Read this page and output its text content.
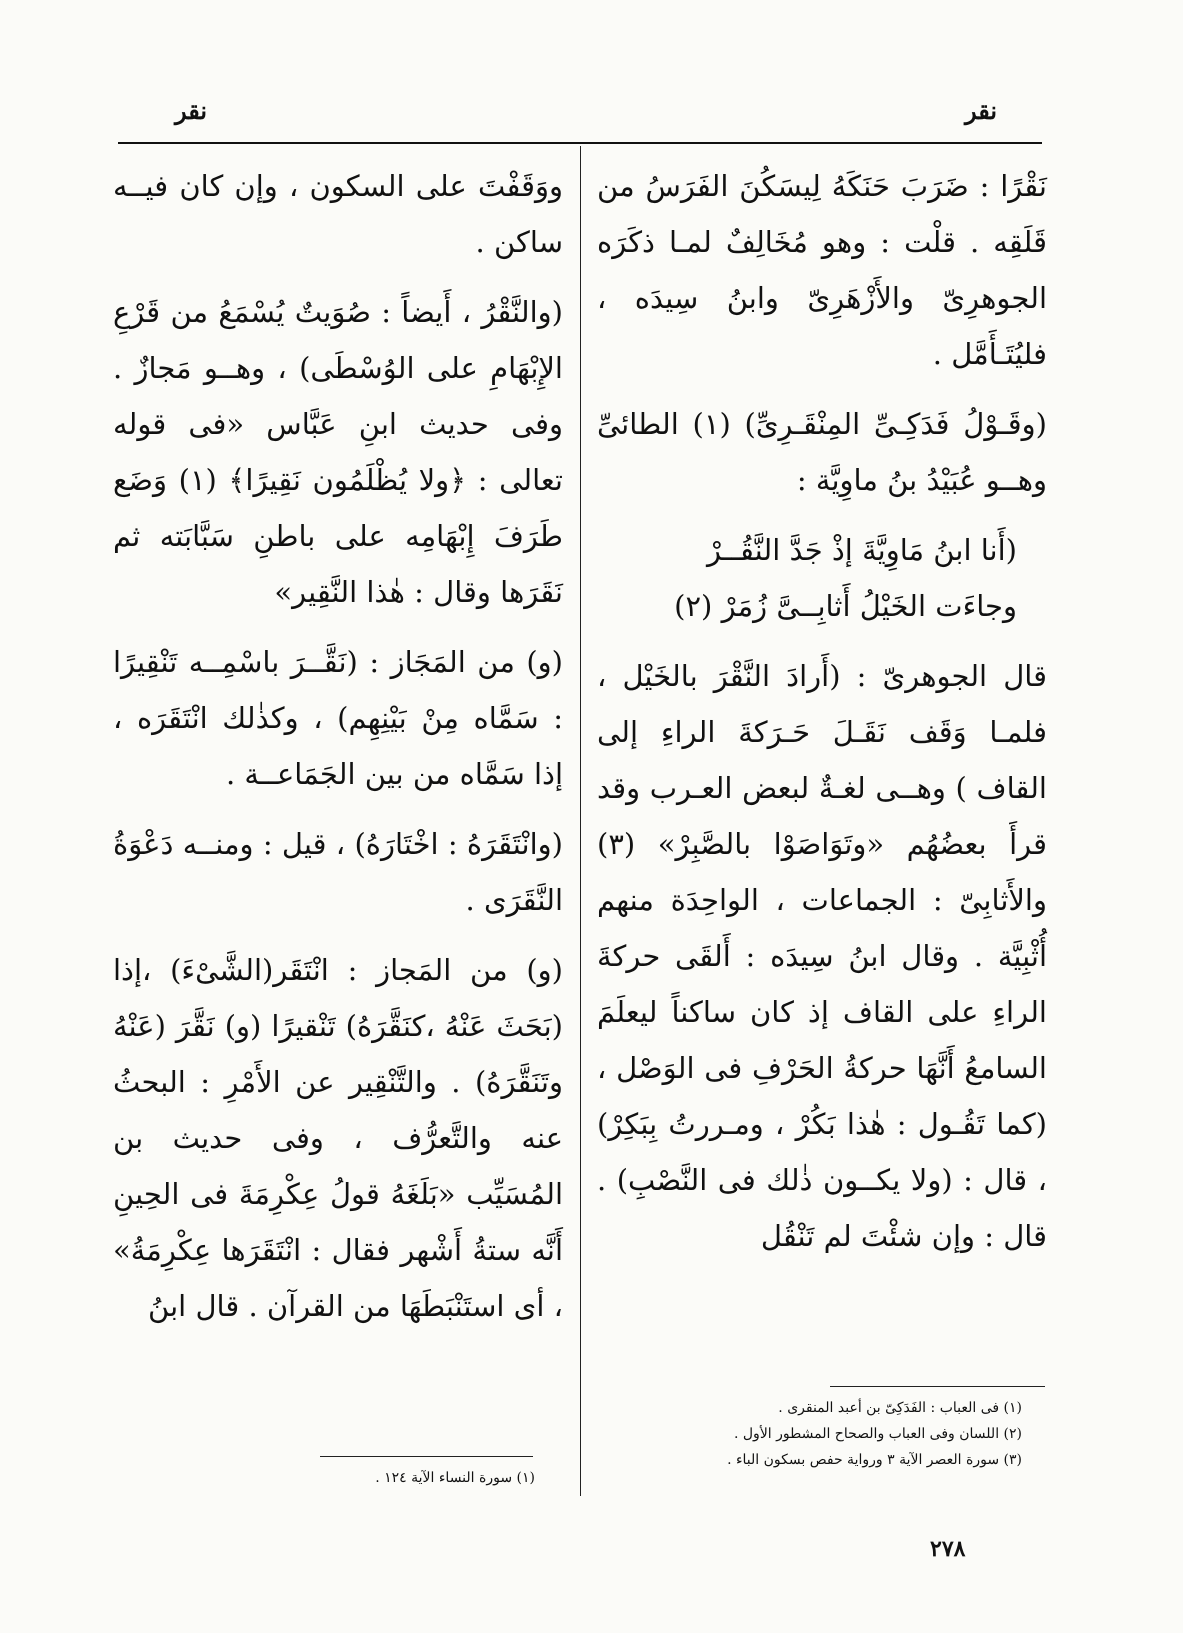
نقر
نقر

نَقْرًا : ضَرَبَ حَنَكَهُ لِيسَكُنَ الفَرَسُ من قَلَقِه . قلْت : وهو مُخَالِفٌ لمـا ذكَرَه الجوهرِىّ والأَزْهَرِىّ وابنُ سِيدَه ، فليُتَـأَمَّل .

(وقَـوْلُ فَدَكِـىِّ المِنْقَـرِىِّ) (١) الطائىِّ وهــو عُبَيْدُ بنُ ماوِيَّة :

(أَنا ابنُ مَاوِيَّةَ إذْ جَدَّ النَّقُــرْ
وجاءَت الخَيْلُ أَثابِــىَّ زُمَرْ (٢)

قال الجوهرىّ : (أَرادَ النَّقْرَ بالخَيْل ، فلمـا وَقَف نَقَـلَ حَـرَكةَ الراءِ إلى القاف ) وهــى لغـةٌ لبعض العـرب وقد قرأَ بعضُهُم «وتَوَاصَوْا بالصَّبِرْ» (٣) والأَثابِىّ : الجماعات ، الواحِدَة منهم أُثْبِيَّة . وقال ابنُ سِيدَه : أَلقَى حركةَ الراءِ على القاف إذ كان ساكناً ليعلَمَ السامعُ أَنَّهَا حركةُ الحَرْفِ فى الوَصْل ، (كما تَقُـول : هٰذا بَكُرْ ، ومـررتُ بِبَكِرْ) ، قال : (ولا يكــون ذٰلك فى النَّصْبِ) . قال : وإن شئْتَ لم تَنْقُل

ووَقَفْتَ على السكون ، وإن كان فيــه ساكن .

(والنَّقْرُ ، أَيضاً : صُوَيتٌ يُسْمَعُ من قَرْعِ الإِبْهَامِ على الوُسْطَى) ، وهــو مَجازٌ . وفى حديث ابنِ عَبَّاس «فى قوله تعالى : ﴿ولا يُظْلَمُون نَقِيرًا﴾ (١) وَضَع طَرَفَ إِبْهَامِه على باطنِ سَبَّابَته ثم نَقَرَها وقال : هٰذا النَّقِير»

(و) من المَجَاز : (نَقَّــرَ باسْمِــه تَنْقِيرًا : سَمَّاه مِنْ بَيْنِهِم) ، وكذٰلك انْتَقَرَه ، إذا سَمَّاه من بين الجَمَاعــة .

(وانْتَقَرَهُ : اخْتَارَهُ) ، قيل : ومنــه دَعْوَةُ النَّقَرَى .

(و) من المَجاز : انْتَقَر(الشَّىْءَ) ،إذا (بَحَثَ عَنْهُ ،كنَقَّرَهُ) تَنْقيرًا (و) نَقَّرَ (عَنْهُ وتَنَقَّرَهُ) . والتَّنْقِير عن الأَمْرِ : البحثُ عنه والتَّعرُّف ، وفى حديث بن المُسَيِّب «بَلَغَهُ قولُ عِكْرِمَةَ فى الحِينِ أَنَّه ستةُ أَشْهر فقال : انْتَقَرَها عِكْرِمَةُ» ، أى استَنْبَطَهَا من القرآن . قال ابنُ

(١) فى العباب : الفَدَكِىّ بن أعبد المنقرى .
(٢) اللسان وفى العباب والصحاح المشطور الأول .
(٣) سورة العصر الآية ٣ ورواية حفص بسكون الباء .
(١) سورة النساء الآية ١٢٤ .
٢٧٨
